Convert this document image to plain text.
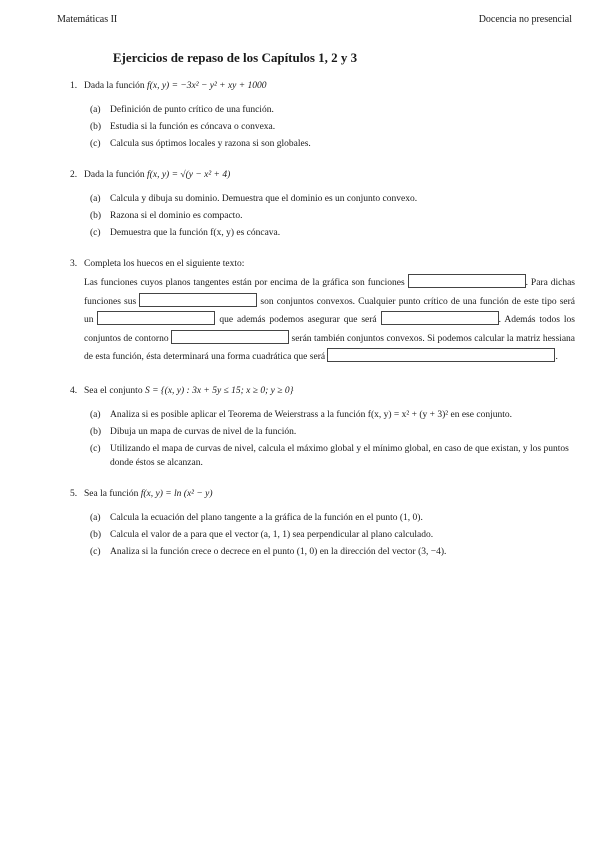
Matemáticas II	Docencia no presencial
Ejercicios de repaso de los Capítulos 1, 2 y 3
1. Dada la función f(x, y) = −3x² − y² + xy + 1000
(a) Definición de punto crítico de una función.
(b) Estudia si la función es cóncava o convexa.
(c) Calcula sus óptimos locales y razona si son globales.
2. Dada la función f(x, y) = √(y − x² + 4)
(a) Calcula y dibuja su dominio. Demuestra que el dominio es un conjunto convexo.
(b) Razona si el dominio es compacto.
(c) Demuestra que la función f(x, y) es cóncava.
3. Completa los huecos en el siguiente texto:
Las funciones cuyos planos tangentes están por encima de la gráfica son funciones	. Para dichas funciones sus	son conjuntos convexos. Cualquier punto crítico de una función de este tipo será un	que además podemos asegurar que será	. Además todos los conjuntos de contorno	serán también conjuntos convexos. Si podemos calcular la matriz hessiana de esta función, ésta determinará una forma cuadrática que será	.
4. Sea el conjunto S = {(x, y) : 3x + 5y ≤ 15; x ≥ 0; y ≥ 0}
(a) Analiza si es posible aplicar el Teorema de Weierstrass a la función f(x, y) = x² + (y + 3)² en ese conjunto.
(b) Dibuja un mapa de curvas de nivel de la función.
(c) Utilizando el mapa de curvas de nivel, calcula el máximo global y el mínimo global, en caso de que existan, y los puntos donde éstos se alcanzan.
5. Sea la función f(x, y) = ln (x² − y)
(a) Calcula la ecuación del plano tangente a la gráfica de la función en el punto (1, 0).
(b) Calcula el valor de a para que el vector (a, 1, 1) sea perpendicular al plano calculado.
(c) Analiza si la función crece o decrece en el punto (1, 0) en la dirección del vector (3, −4).
